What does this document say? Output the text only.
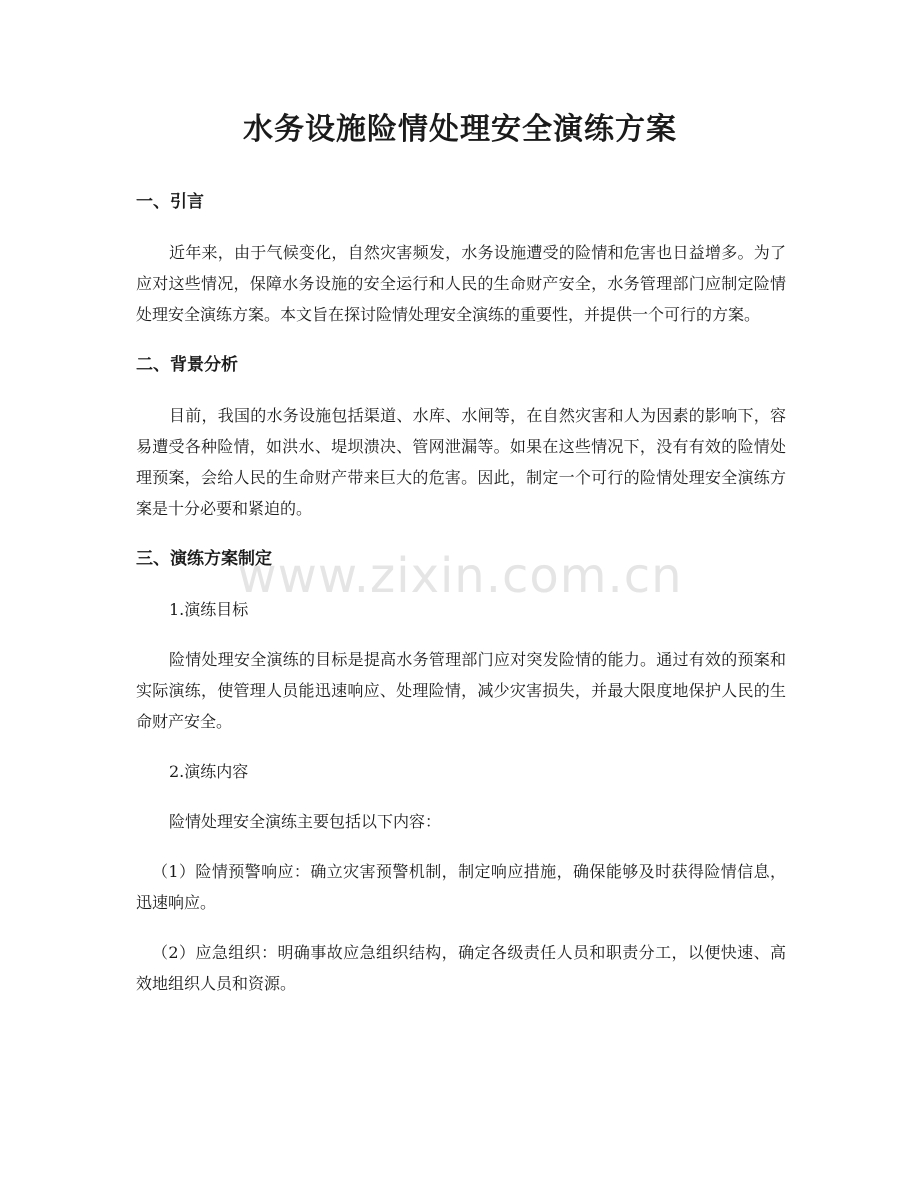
水务设施险情处理安全演练方案
www.zixin.com.cn
一、引言

近年来，由于气候变化，自然灾害频发，水务设施遭受的险情和危害也日益增多。为了应对这些情况，保障水务设施的安全运行和人民的生命财产安全，水务管理部门应制定险情处理安全演练方案。本文旨在探讨险情处理安全演练的重要性，并提供一个可行的方案。

二、背景分析

目前，我国的水务设施包括渠道、水库、水闸等，在自然灾害和人为因素的影响下，容易遭受各种险情，如洪水、堤坝溃决、管网泄漏等。如果在这些情况下，没有有效的险情处理预案，会给人民的生命财产带来巨大的危害。因此，制定一个可行的险情处理安全演练方案是十分必要和紧迫的。

三、演练方案制定

1.演练目标

险情处理安全演练的目标是提高水务管理部门应对突发险情的能力。通过有效的预案和实际演练，使管理人员能迅速响应、处理险情，减少灾害损失，并最大限度地保护人民的生命财产安全。

2.演练内容

险情处理安全演练主要包括以下内容：

（1）险情预警响应：确立灾害预警机制，制定响应措施，确保能够及时获得险情信息，迅速响应。

（2）应急组织：明确事故应急组织结构，确定各级责任人员和职责分工，以便快速、高效地组织人员和资源。
